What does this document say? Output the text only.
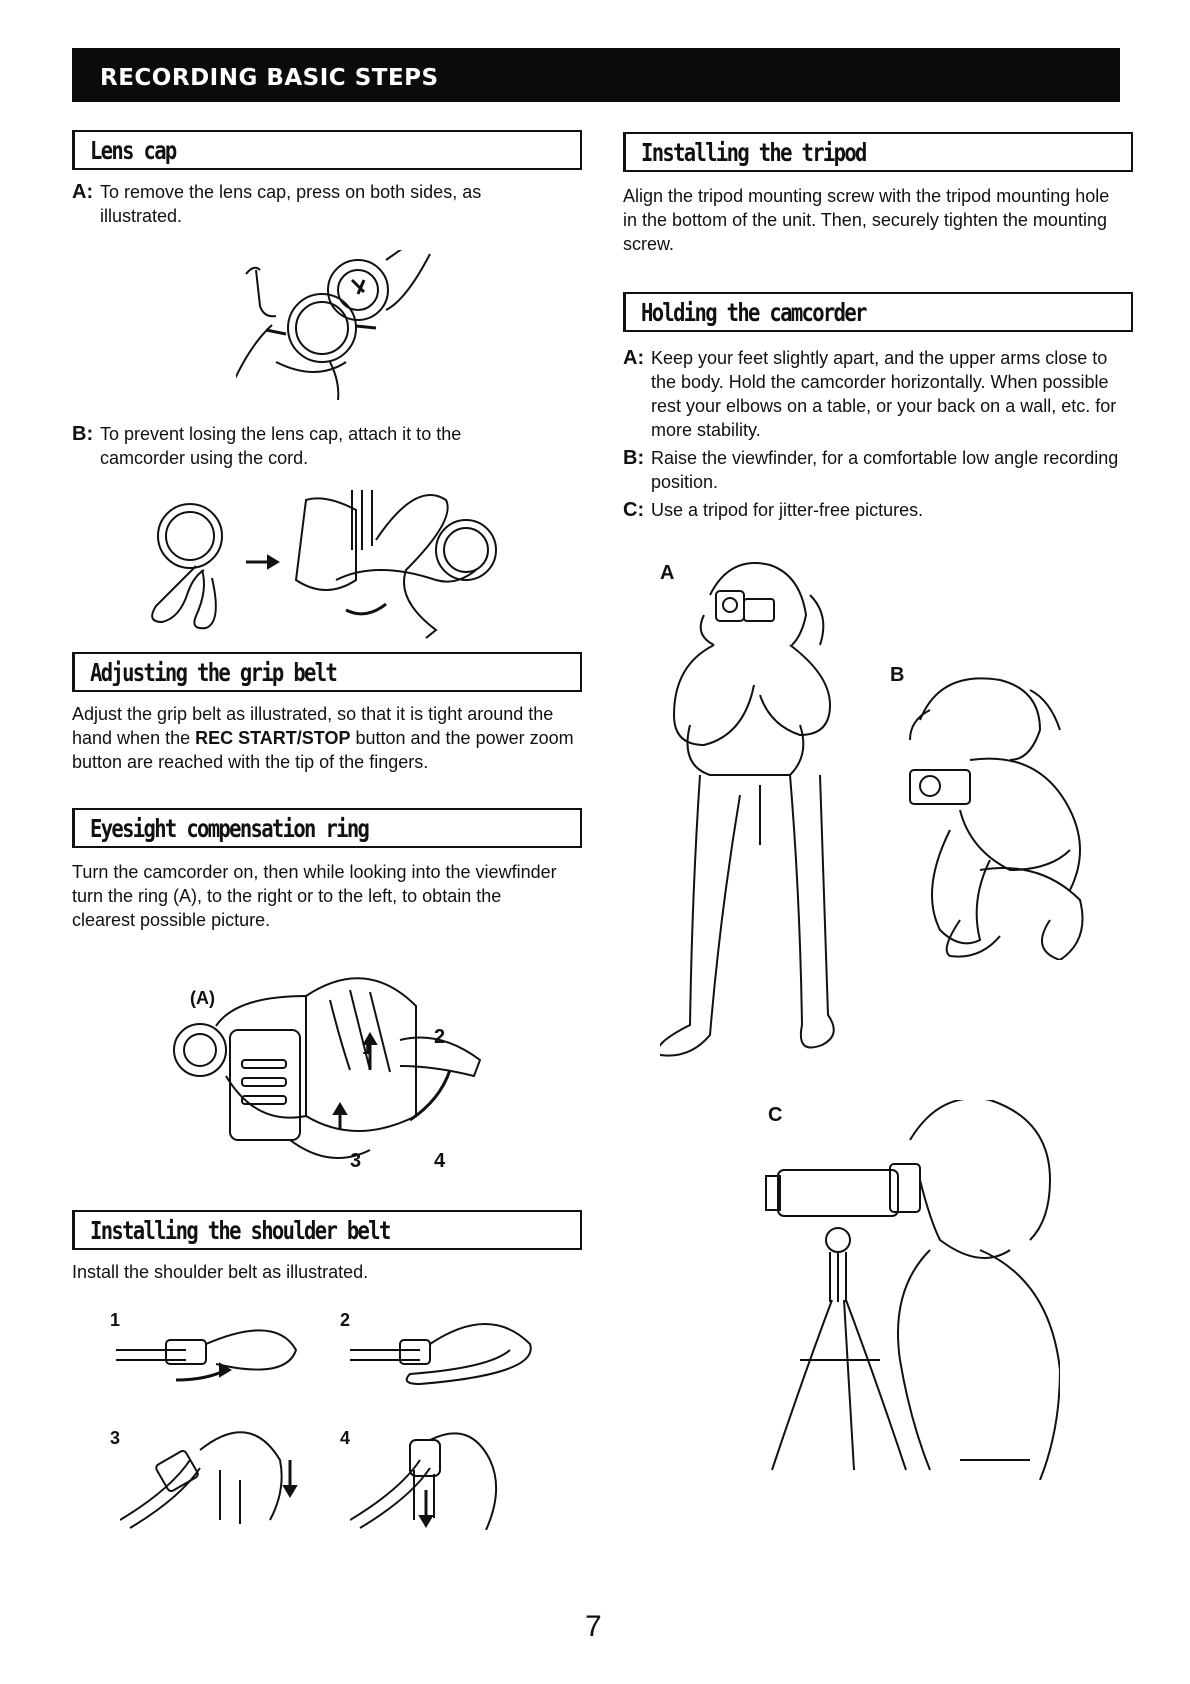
RECORDING BASIC STEPS
Lens cap
A: To remove the lens cap, press on both sides, as illustrated.
B: To prevent losing the lens cap, attach it to the camcorder using the cord.
Adjusting the grip belt

Adjust the grip belt as illustrated, so that it is tight around the hand when the REC START/STOP button and the power zoom button are reached with the tip of the fingers.

Eyesight compensation ring

Turn the camcorder on, then while looking into the viewfinder turn the ring (A), to the right or to the left, to obtain the clearest possible picture.

(A)
1	2
3	4
Installing the shoulder belt

Install the shoulder belt as illustrated.

1	2
3	4
Installing the tripod

Align the tripod mounting screw with the tripod mounting hole in the bottom of the unit. Then, securely tighten the mounting screw.

Holding the camcorder
A: Keep your feet slightly apart, and the upper arms close to the body. Hold the camcorder horizontally. When possible rest your elbows on a table, or your back on a wall, etc. for more stability.
B: Raise the viewfinder, for a comfortable low angle recording position.
C: Use a tripod for jitter-free pictures.
A
B
C
7
